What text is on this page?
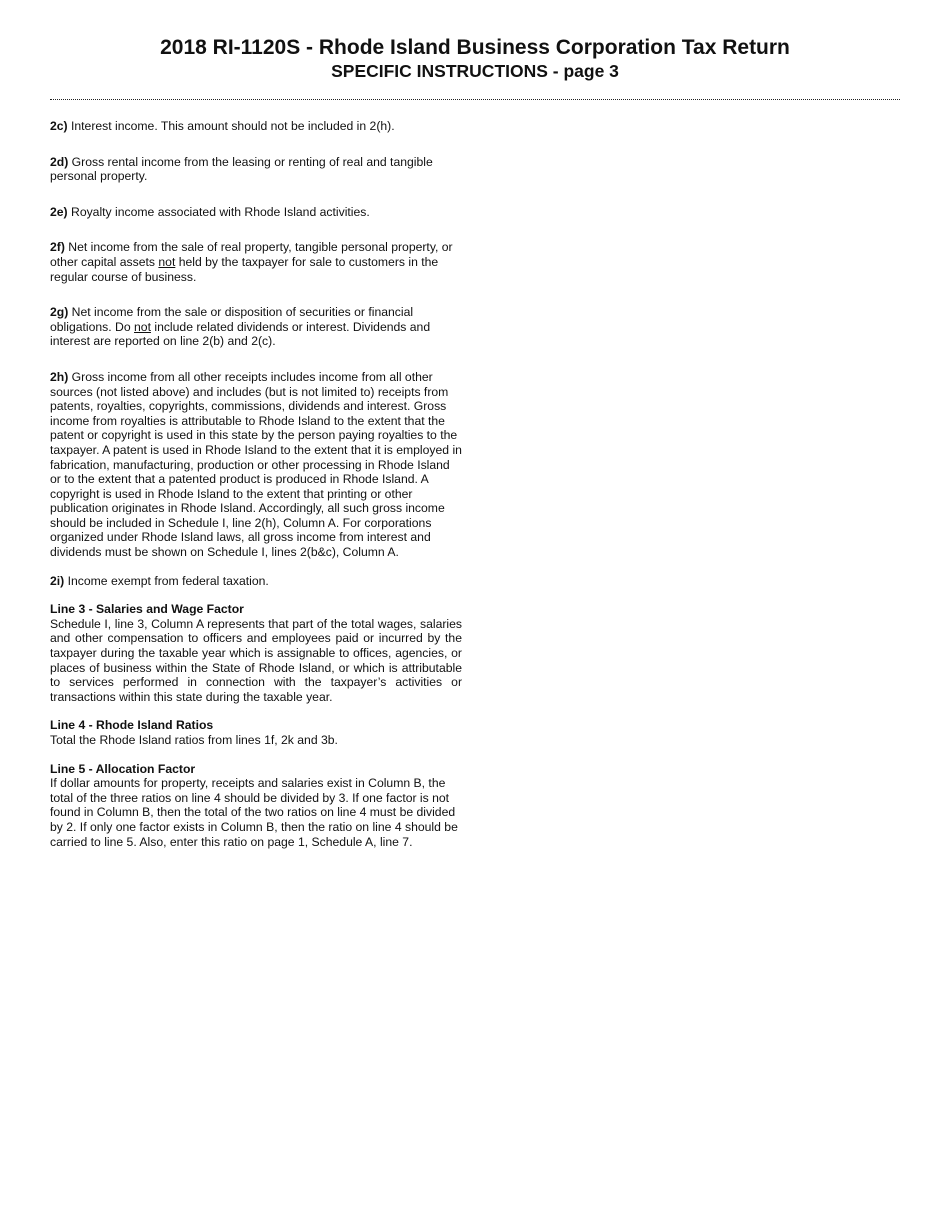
2018 RI-1120S - Rhode Island Business Corporation Tax Return
SPECIFIC INSTRUCTIONS - page 3

2c) Interest income. This amount should not be included in 2(h).

2d) Gross rental income from the leasing or renting of real and tangible personal property.

2e) Royalty income associated with Rhode Island activities.

2f) Net income from the sale of real property, tangible personal property, or other capital assets not held by the taxpayer for sale to customers in the regular course of business.

2g) Net income from the sale or disposition of securities or financial obligations. Do not include related dividends or interest. Dividends and interest are reported on line 2(b) and 2(c).

2h) Gross income from all other receipts includes income from all other sources (not listed above) and includes (but is not limited to) receipts from patents, royalties, copyrights, commissions, dividends and interest. Gross income from royalties is attributable to Rhode Island to the extent that the patent or copyright is used in this state by the person paying royalties to the taxpayer. A patent is used in Rhode Island to the extent that it is employed in fabrication, manufacturing, production or other processing in Rhode Island or to the extent that a patented product is produced in Rhode Island. A copyright is used in Rhode Island to the extent that printing or other publication originates in Rhode Island. Accordingly, all such gross income should be included in Schedule I, line 2(h), Column A. For corporations organized under Rhode Island laws, all gross income from interest and dividends must be shown on Schedule I, lines 2(b&c), Column A.

2i) Income exempt from federal taxation.

Line 3 - Salaries and Wage Factor
Schedule I, line 3, Column A represents that part of the total wages, salaries and other compensation to officers and employees paid or incurred by the taxpayer during the taxable year which is assignable to offices, agencies, or places of business within the State of Rhode Island, or which is attributable to services performed in connection with the taxpayer’s activities or transactions within this state during the taxable year.

Line 4 - Rhode Island Ratios
Total the Rhode Island ratios from lines 1f, 2k and 3b.

Line 5 - Allocation Factor
If dollar amounts for property, receipts and salaries exist in Column B, the total of the three ratios on line 4 should be divided by 3. If one factor is not found in Column B, then the total of the two ratios on line 4 must be divided by 2. If only one factor exists in Column B, then the ratio on line 4 should be carried to line 5. Also, enter this ratio on page 1, Schedule A, line 7.
